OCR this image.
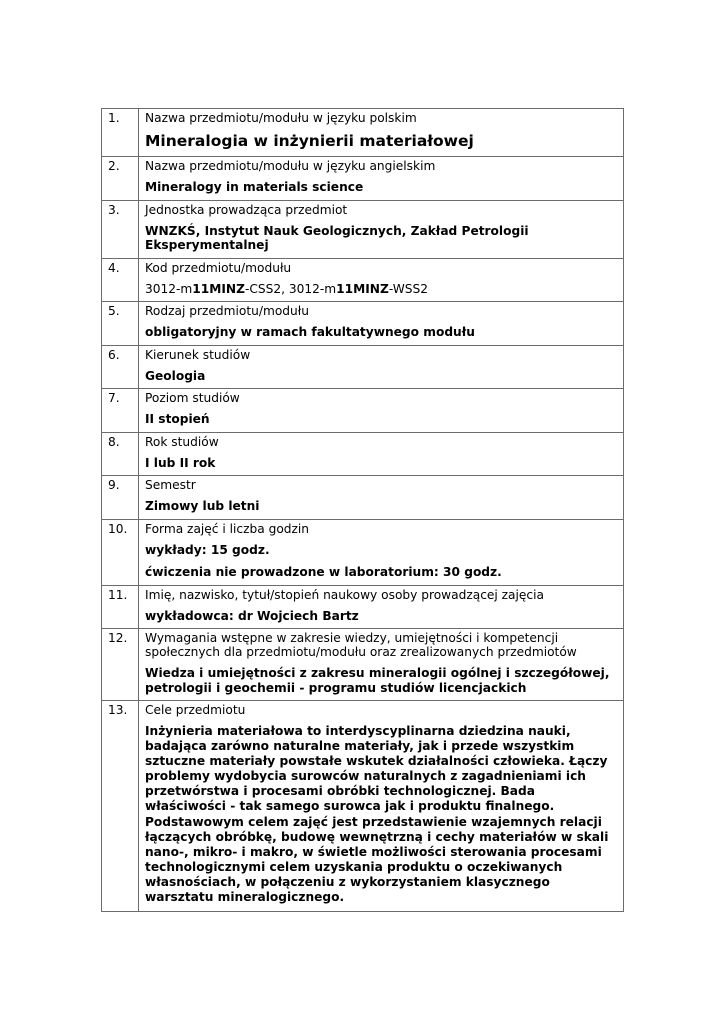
1.	Nazwa przedmiotu/modułu w języku polskim
Mineralogia w inżynierii materiałowej

2.	Nazwa przedmiotu/modułu w języku angielskim
Mineralogy in materials science

3.	Jednostka prowadząca przedmiot
WNZKŚ, Instytut Nauk Geologicznych, Zakład Petrologii Eksperymentalnej

4.	Kod przedmiotu/modułu
3012-m11MINZ-CSS2, 3012-m11MINZ-WSS2

5.	Rodzaj przedmiotu/modułu
obligatoryjny w ramach fakultatywnego modułu

6.	Kierunek studiów
Geologia

7.	Poziom studiów
II stopień

8.	Rok studiów
I lub II rok

9.	Semestr
Zimowy lub letni

10.	Forma zajęć i liczba godzin
wykłady: 15 godz.
ćwiczenia nie prowadzone w laboratorium: 30 godz.

11.	Imię, nazwisko, tytuł/stopień naukowy osoby prowadzącej zajęcia
wykładowca: dr Wojciech Bartz

12.	Wymagania wstępne w zakresie wiedzy, umiejętności i kompetencji społecznych dla przedmiotu/modułu oraz zrealizowanych przedmiotów
Wiedza i umiejętności z zakresu mineralogii ogólnej i szczegółowej, petrologii i geochemii - programu studiów licencjackich

13.	Cele przedmiotu
Inżynieria materiałowa to interdyscyplinarna dziedzina nauki, badająca zarówno naturalne materiały, jak i przede wszystkim sztuczne materiały powstałe wskutek działalności człowieka. Łączy problemy wydobycia surowców naturalnych z zagadnieniami ich przetwórstwa i procesami obróbki technologicznej. Bada właściwości - tak samego surowca jak i produktu finalnego. Podstawowym celem zajęć jest przedstawienie wzajemnych relacji łączących obróbkę, budowę wewnętrzną i cechy materiałów w skali nano-, mikro- i makro, w świetle możliwości sterowania procesami technologicznymi celem uzyskania produktu o oczekiwanych własnościach, w połączeniu z wykorzystaniem klasycznego warsztatu mineralogicznego.
